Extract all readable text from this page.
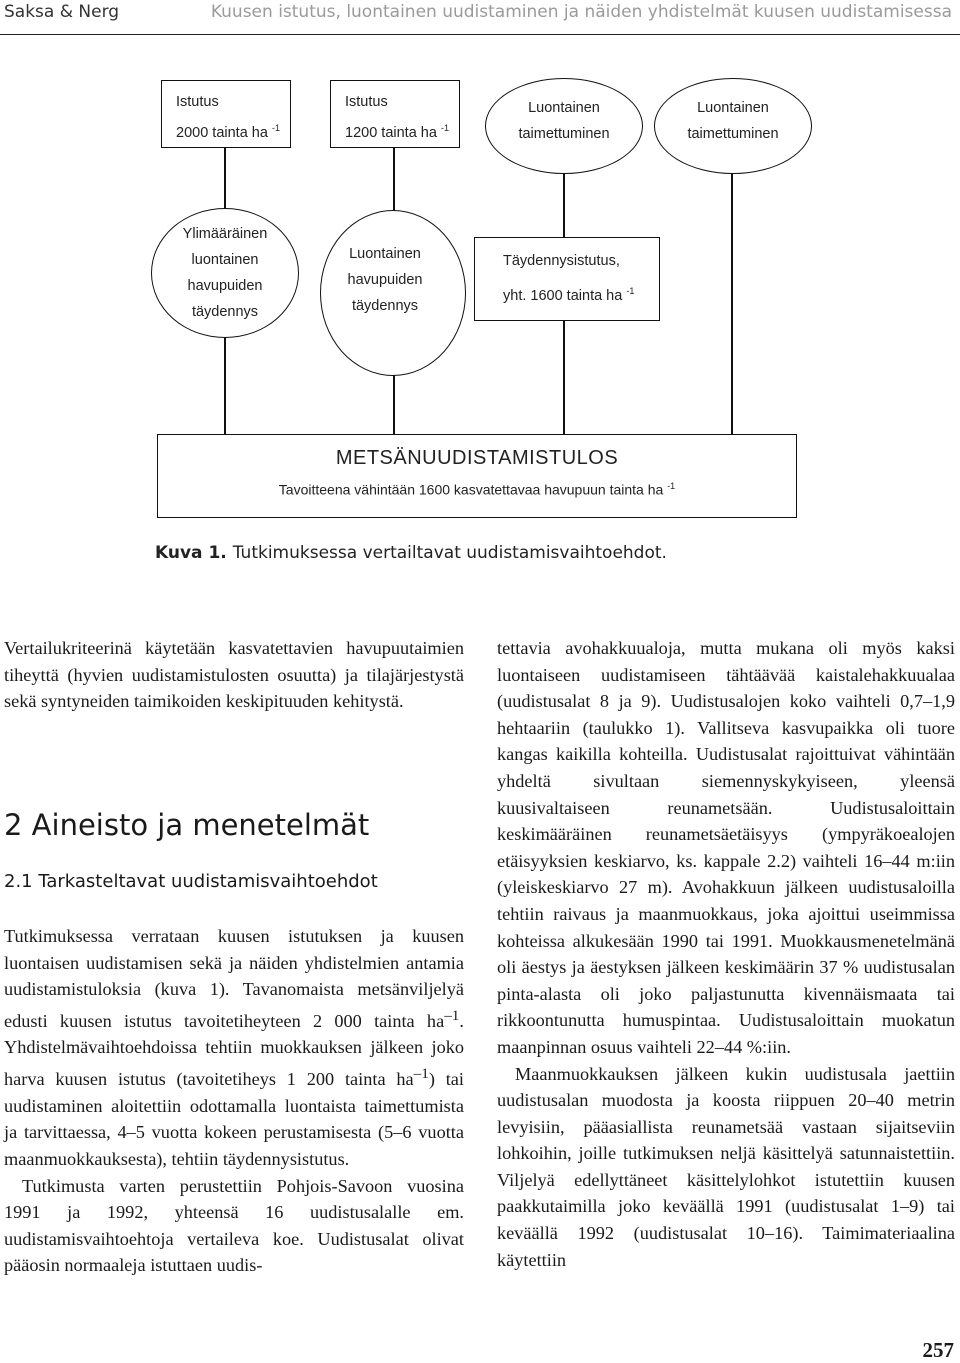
Saksa & Nerg	Kuusen istutus, luontainen uudistaminen ja näiden yhdistelmät kuusen uudistamisessa
Istutus
2000 tainta ha $^{-1}$
Istutus
1200 tainta ha $^{-1}$
Luontainen
taimettuminen
Luontainen
taimettuminen
Ylimääräinen
luontainen
havupuiden
täydennys
Luontainen
havupuiden
täydennys
Täydennysistutus,
yht. 1600 tainta ha $^{-1}$
METSÄNUUDISTAMISTULOS
Tavoitteena vähintään 1600 kasvatettavaa havupuun tainta ha $^{-1}$
Kuva 1. Tutkimuksessa vertailtavat uudistamisvaihtoehdot.

Vertailukriteerinä käytetään kasvatettavien havupuutaimien tiheyttä (hyvien uudistamistulosten osuutta) ja tilajärjestystä sekä syntyneiden taimikoiden keskipituuden kehitystä.

2 Aineisto ja menetelmät
2.1 Tarkasteltavat uudistamisvaihtoehdot

Tutkimuksessa verrataan kuusen istutuksen ja kuusen luontaisen uudistamisen sekä ja näiden yhdistelmien antamia uudistamistuloksia (kuva 1). Tavanomaista metsänviljelyä edusti kuusen istutus tavoitetiheyteen 2 000 tainta $ha^{-1}$. Yhdistelmävaihtoehdoissa tehtiin muokkauksen jälkeen joko harva kuusen istutus (tavoitetiheys 1 200 tainta $ha^{-1}$) tai uudistaminen aloitettiin odottamalla luontaista taimettumista ja tarvittaessa, 4–5 vuotta kokeen perustamisesta (5–6 vuotta maanmuokkauksesta), tehtiin täydennysistutus.

Tutkimusta varten perustettiin Pohjois-Savoon vuosina 1991 ja 1992, yhteensä 16 uudistusalalle em. uudistamisvaihtoehtoja vertaileva koe. Uudistusalat olivat pääosin normaaleja istuttaen uudis-

tettavia avohakkuualoja, mutta mukana oli myös kaksi luontaiseen uudistamiseen tähtäävää kaistalehakkuualaa (uudistusalat 8 ja 9). Uudistusalojen koko vaihteli 0,7–1,9 hehtaariin (taulukko 1). Vallitseva kasvupaikka oli tuore kangas kaikilla kohteilla. Uudistusalat rajoittuivat vähintään yhdeltä sivultaan siemennyskykyiseen, yleensä kuusivaltaiseen reunametsään. Uudistusaloittain keskimääräinen reunametsäetäisyys (ympyräkoealojen etäisyyksien keskiarvo, ks. kappale 2.2) vaihteli 16–44 m:iin (yleiskeskiarvo 27 m). Avohakkuun jälkeen uudistusaloilla tehtiin raivaus ja maanmuokkaus, joka ajoittui useimmissa kohteissa alkukesään 1990 tai 1991. Muokkausmenetelmänä oli äestys ja äestyksen jälkeen keskimäärin 37 % uudistusalan pinta-alasta oli joko paljastunutta kivennäismaata tai rikkoontunutta humuspintaa. Uudistusaloittain muokatun maanpinnan osuus vaihteli 22–44 %:iin.

Maanmuokkauksen jälkeen kukin uudistusala jaettiin uudistusalan muodosta ja koosta riippuen 20–40 metrin levyisiin, pääasiallista reunametsää vastaan sijaitseviin lohkoihin, joille tutkimuksen neljä käsittelyä satunnaistettiin. Viljelyä edellyttäneet käsittelylohkot istutettiin kuusen paakkutaimilla joko keväällä 1991 (uudistusalat 1–9) tai keväällä 1992 (uudistusalat 10–16). Taimimateriaalina käytettiin

257
